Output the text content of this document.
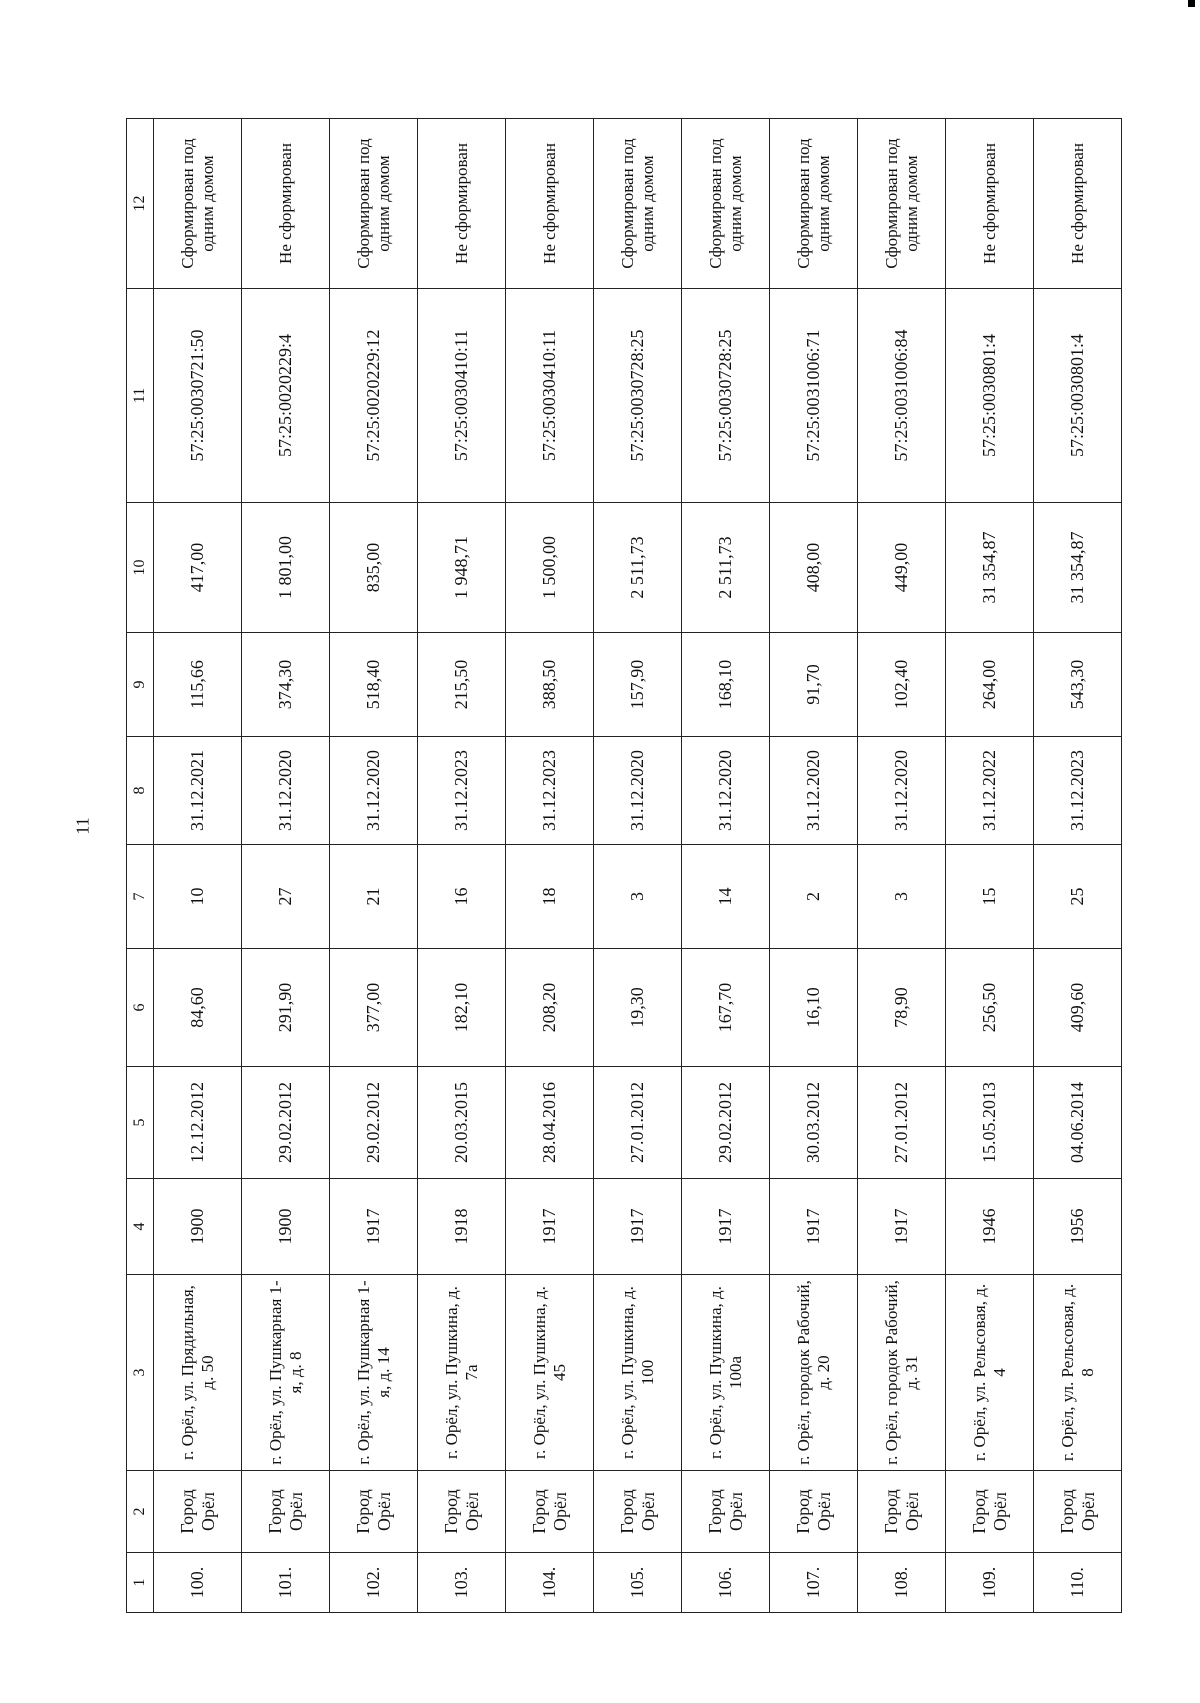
11
1	2	3	4	5	6	7	8	9	10	11	12
100.	Город Орёл	г. Орёл, ул. Прядильная, д. 50	1900	12.12.2012	84,60	10	31.12.2021	115,66	417,00	57:25:0030721:50	Сформирован под одним домом
101.	Город Орёл	г. Орёл, ул. Пушкарная 1-я, д. 8	1900	29.02.2012	291,90	27	31.12.2020	374,30	1 801,00	57:25:0020229:4	Не сформирован
102.	Город Орёл	г. Орёл, ул. Пушкарная 1-я, д. 14	1917	29.02.2012	377,00	21	31.12.2020	518,40	835,00	57:25:0020229:12	Сформирован под одним домом
103.	Город Орёл	г. Орёл, ул. Пушкина, д. 7а	1918	20.03.2015	182,10	16	31.12.2023	215,50	1 948,71	57:25:0030410:11	Не сформирован
104.	Город Орёл	г. Орёл, ул. Пушкина, д. 45	1917	28.04.2016	208,20	18	31.12.2023	388,50	1 500,00	57:25:0030410:11	Не сформирован
105.	Город Орёл	г. Орёл, ул. Пушкина, д. 100	1917	27.01.2012	19,30	3	31.12.2020	157,90	2 511,73	57:25:0030728:25	Сформирован под одним домом
106.	Город Орёл	г. Орёл, ул. Пушкина, д. 100а	1917	29.02.2012	167,70	14	31.12.2020	168,10	2 511,73	57:25:0030728:25	Сформирован под одним домом
107.	Город Орёл	г. Орёл, городок Рабочий, д. 20	1917	30.03.2012	16,10	2	31.12.2020	91,70	408,00	57:25:0031006:71	Сформирован под одним домом
108.	Город Орёл	г. Орёл, городок Рабочий, д. 31	1917	27.01.2012	78,90	3	31.12.2020	102,40	449,00	57:25:0031006:84	Сформирован под одним домом
109.	Город Орёл	г. Орёл, ул. Рельсовая, д. 4	1946	15.05.2013	256,50	15	31.12.2022	264,00	31 354,87	57:25:0030801:4	Не сформирован
110.	Город Орёл	г. Орёл, ул. Рельсовая, д. 8	1956	04.06.2014	409,60	25	31.12.2023	543,30	31 354,87	57:25:0030801:4	Не сформирован
